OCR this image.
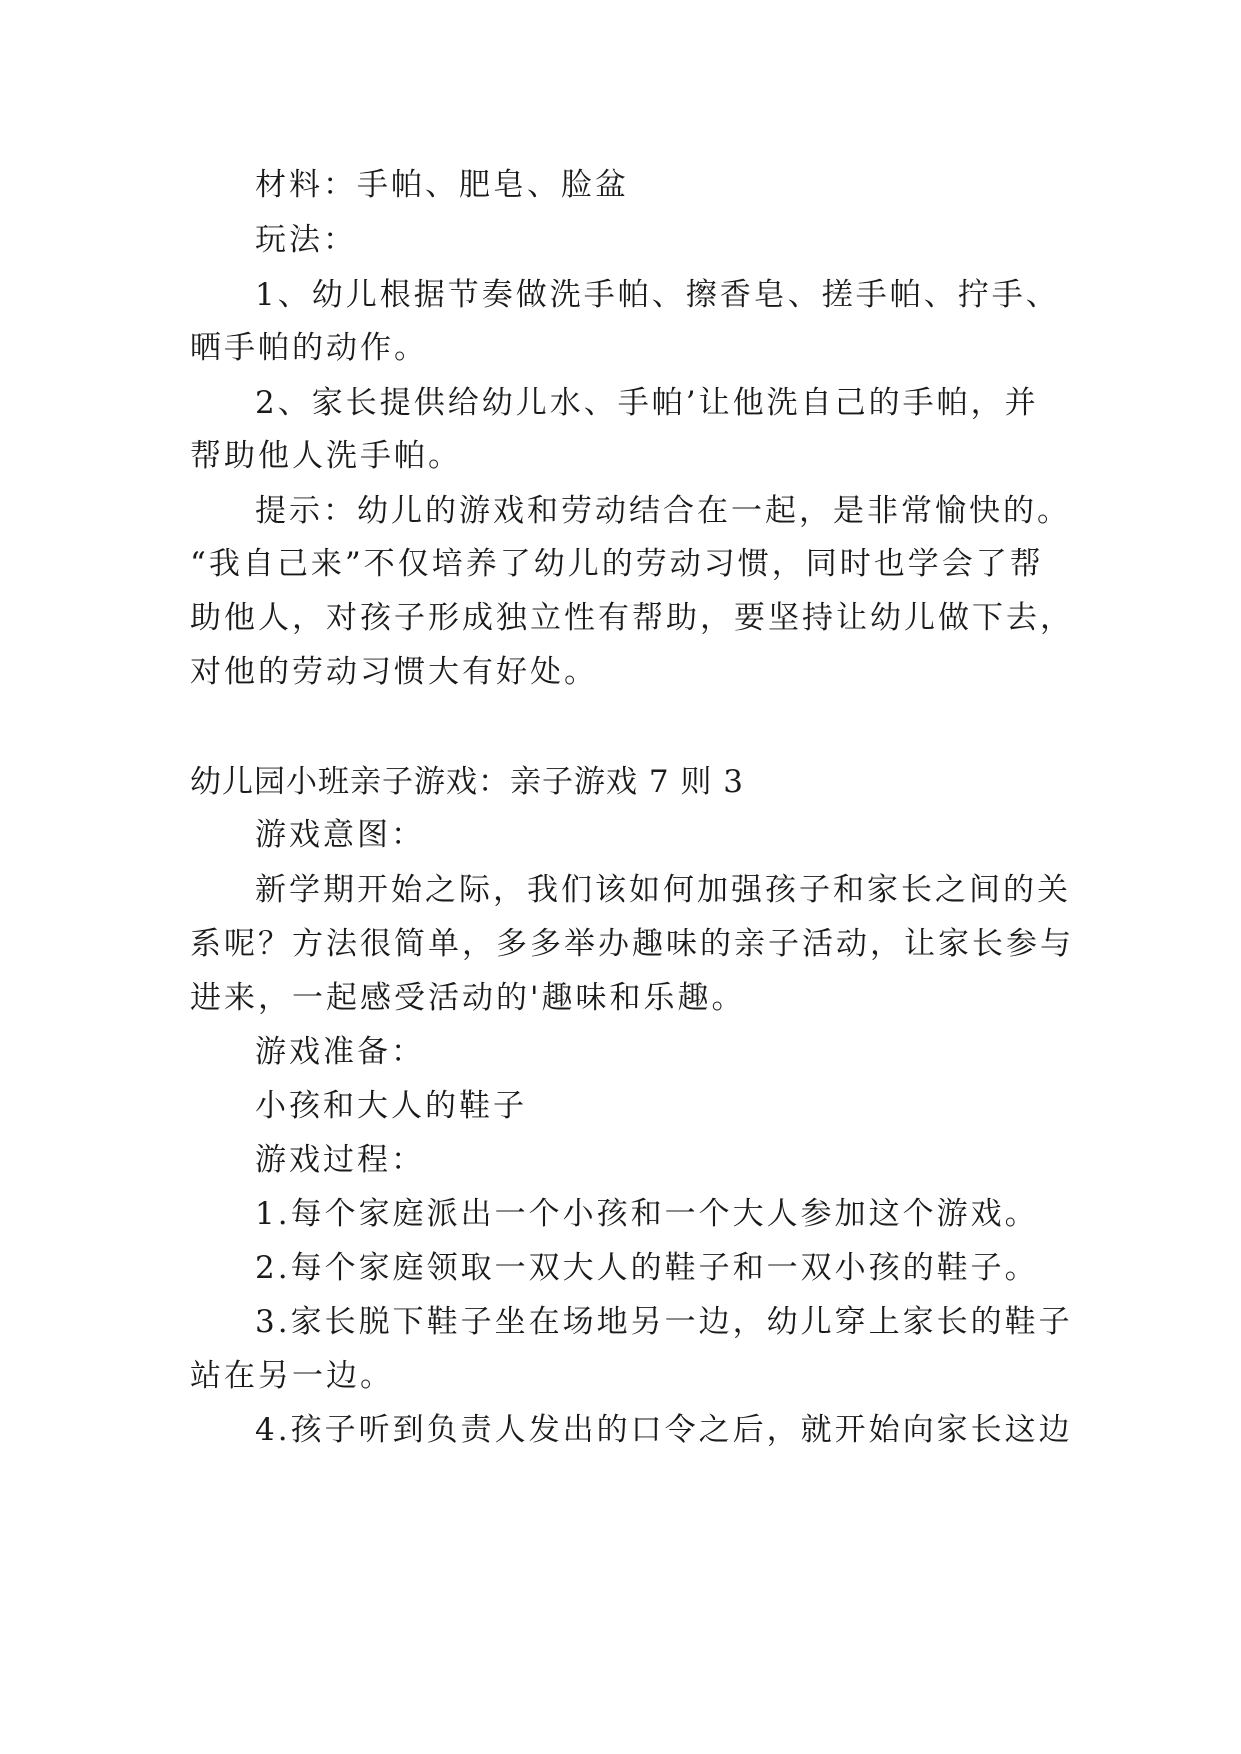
材料：手帕、肥皂、脸盆

玩法：

1、幼儿根据节奏做洗手帕、擦香皂、搓手帕、拧手、

晒手帕的动作。

2、家长提供给幼儿水、手帕’让他洗自己的手帕，并

帮助他人洗手帕。

提示：幼儿的游戏和劳动结合在一起，是非常愉快的。

“我自己来”不仅培养了幼儿的劳动习惯，同时也学会了帮

助他人，对孩子形成独立性有帮助，要坚持让幼儿做下去，

对他的劳动习惯大有好处。

幼儿园小班亲子游戏：亲子游戏 7 则 3

游戏意图：

新学期开始之际，我们该如何加强孩子和家长之间的关

系呢？方法很简单，多多举办趣味的亲子活动，让家长参与

进来，一起感受活动的'趣味和乐趣。

游戏准备：

小孩和大人的鞋子

游戏过程：

1.每个家庭派出一个小孩和一个大人参加这个游戏。

2.每个家庭领取一双大人的鞋子和一双小孩的鞋子。

3.家长脱下鞋子坐在场地另一边，幼儿穿上家长的鞋子

站在另一边。

4.孩子听到负责人发出的口令之后，就开始向家长这边
